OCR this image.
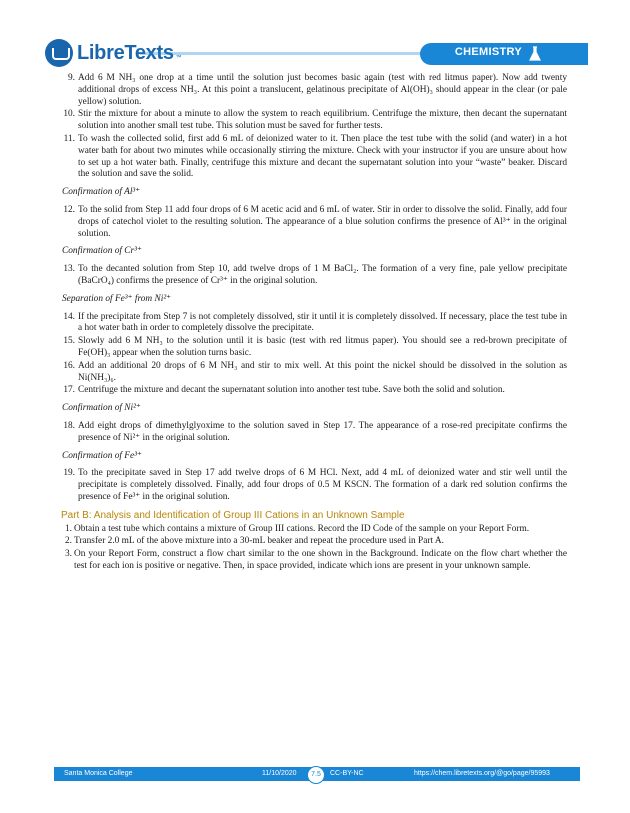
LibreTexts ™	CHEMISTRY
9. Add 6 M NH₃ one drop at a time until the solution just becomes basic again (test with red litmus paper). Now add twenty additional drops of excess NH₃. At this point a translucent, gelatinous precipitate of Al(OH)₃ should appear in the clear (or pale yellow) solution.
10. Stir the mixture for about a minute to allow the system to reach equilibrium. Centrifuge the mixture, then decant the supernatant solution into another small test tube. This solution must be saved for further tests.
11. To wash the collected solid, first add 6 mL of deionized water to it. Then place the test tube with the solid (and water) in a hot water bath for about two minutes while occasionally stirring the mixture. Check with your instructor if you are unsure about how to set up a hot water bath. Finally, centrifuge this mixture and decant the supernatant solution into your “waste” beaker. Discard the solution and save the solid.
Confirmation of Al³⁺
12. To the solid from Step 11 add four drops of 6 M acetic acid and 6 mL of water. Stir in order to dissolve the solid. Finally, add four drops of catechol violet to the resulting solution. The appearance of a blue solution confirms the presence of Al³⁺ in the original solution.
Confirmation of Cr³⁺
13. To the decanted solution from Step 10, add twelve drops of 1 M BaCl₂. The formation of a very fine, pale yellow precipitate (BaCrO₄) confirms the presence of Cr³⁺ in the original solution.
Separation of Fe³⁺ from Ni²⁺
14. If the precipitate from Step 7 is not completely dissolved, stir it until it is completely dissolved. If necessary, place the test tube in a hot water bath in order to completely dissolve the precipitate.
15. Slowly add 6 M NH₃ to the solution until it is basic (test with red litmus paper). You should see a red-brown precipitate of Fe(OH)₃ appear when the solution turns basic.
16. Add an additional 20 drops of 6 M NH₃ and stir to mix well. At this point the nickel should be dissolved in the solution as Ni(NH₃)₆.
17. Centrifuge the mixture and decant the supernatant solution into another test tube. Save both the solid and solution.
Confirmation of Ni²⁺
18. Add eight drops of dimethylglyoxime to the solution saved in Step 17. The appearance of a rose-red precipitate confirms the presence of Ni²⁺ in the original solution.
Confirmation of Fe³⁺
19. To the precipitate saved in Step 17 add twelve drops of 6 M HCl. Next, add 4 mL of deionized water and stir well until the precipitate is completely dissolved. Finally, add four drops of 0.5 M KSCN. The formation of a dark red solution confirms the presence of Fe³⁺ in the original solution.
Part B: Analysis and Identification of Group III Cations in an Unknown Sample
1. Obtain a test tube which contains a mixture of Group III cations. Record the ID Code of the sample on your Report Form.
2. Transfer 2.0 mL of the above mixture into a 30-mL beaker and repeat the procedure used in Part A.
3. On your Report Form, construct a flow chart similar to the one shown in the Background. Indicate on the flow chart whether the test for each ion is positive or negative. Then, in space provided, indicate which ions are present in your unknown sample.
Santa Monica College	11/10/2020	7.5	CC-BY-NC	https://chem.libretexts.org/@go/page/95993
